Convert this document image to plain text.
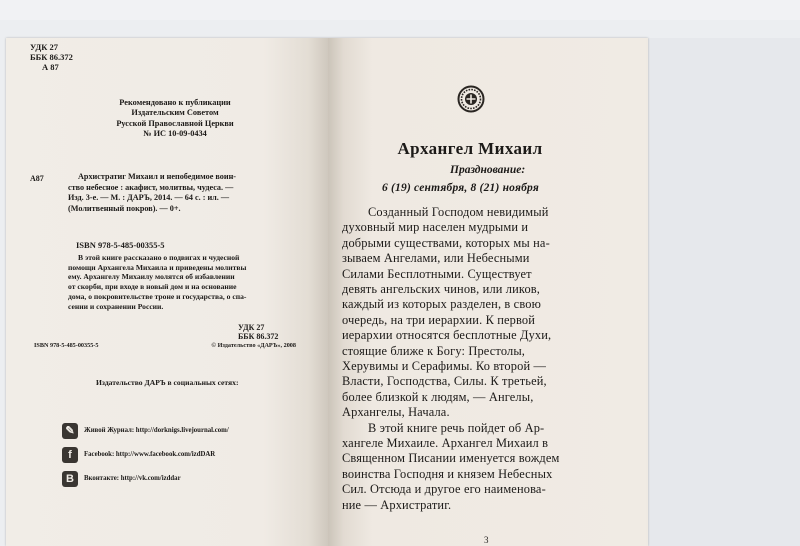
УДК 27
ББК 86.372
А 87
Рекомендовано к публикации
Издательским Советом
Русской Православной Церкви
№ ИС 10-09-0434
А87	Архистратиг Михаил и непобедимое воин-
ство небесное : акафист, молитвы, чудеса. —
Изд. 3-е. — М. : ДАРЪ, 2014. — 64 с. : ил. —
(Молитвенный покров). — 0+.
ISBN 978-5-485-00355-5
В этой книге рассказано о подвигах и чудесной
помощи Архангела Михаила и приведены молитвы
ему. Архангелу Михаилу молятся об избавлении
от скорби, при входе в новый дом и на основание
дома, о покровительстве троне и государства, о спа-
сении и сохранении России.
УДК 27
ББК 86.372
ISBN 978-5-485-00355-5	© Издательство «ДАРЪ», 2008
Издательство ДАРЪ в социальных сетях:
✎	Живой Журнал: http://dorknigs.livejournal.com/
f	Facebook: http://www.facebook.com/izdDAR
B	Вконтакте: http://vk.com/izddar
Архангел Михаил
Празднование:
6 (19) сентября, 8 (21) ноября
Созданный Господом невидимый
духовный мир населен мудрыми и
добрыми существами, которых мы на-
зываем Ангелами, или Небесными
Силами Бесплотными. Существует
девять ангельских чинов, или ликов,
каждый из которых разделен, в свою
очередь, на три иерархии. К первой
иерархии относятся бесплотные Духи,
стоящие ближе к Богу: Престолы,
Херувимы и Серафимы. Ко второй —
Власти, Господства, Силы. К третьей,
более близкой к людям, — Ангелы,
Архангелы, Начала.
В этой книге речь пойдет об Ар-
хангеле Михаиле. Архангел Михаил в
Священном Писании именуется вождем
воинства Господня и князем Небесных
Сил. Отсюда и другое его наименова-
ние — Архистратиг.
3
